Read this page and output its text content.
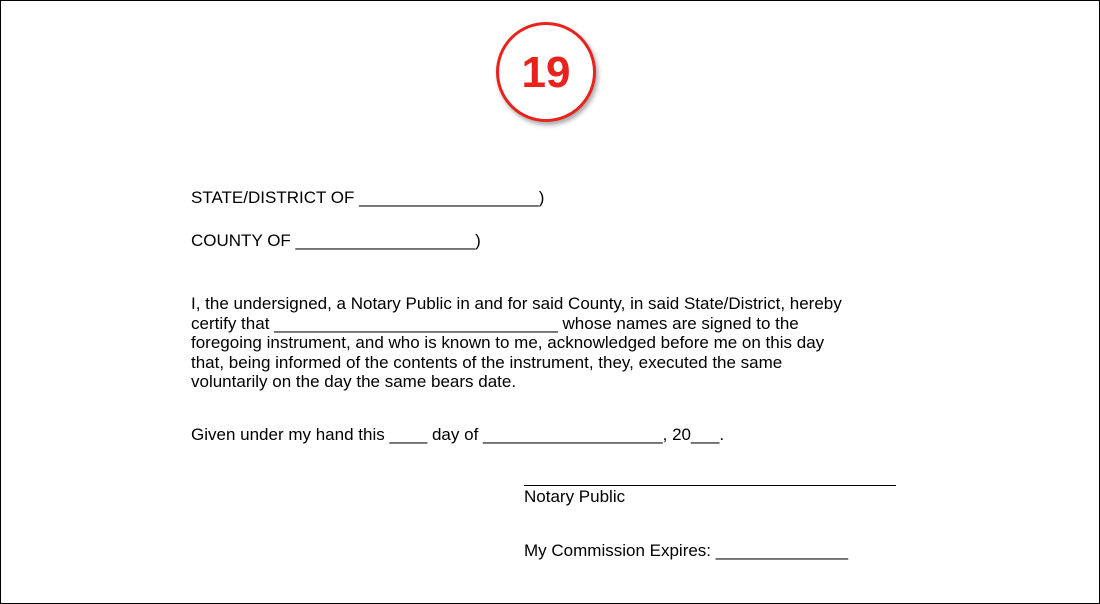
19
STATE/DISTRICT OF ___________________)
COUNTY OF ___________________)
I, the undersigned, a Notary Public in and for said County, in said State/District, hereby
certify that ______________________________ whose names are signed to the
foregoing instrument, and who is known to me, acknowledged before me on this day
that, being informed of the contents of the instrument, they, executed the same
voluntarily on the day the same bears date.
Given under my hand this ____ day of ___________________, 20___.
Notary Public
My Commission Expires: ______________
